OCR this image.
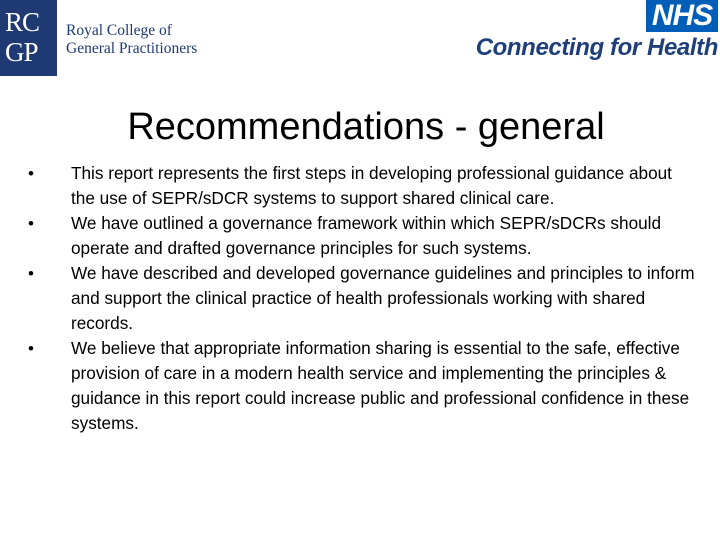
RC
GP
Royal College of
General Practitioners
NHS
Connecting for Health
Recommendations - general
• This report represents the first steps in developing professional guidance about the use of SEPR/sDCR systems to support shared clinical care.
• We have outlined a governance framework within which SEPR/sDCRs should operate and drafted governance principles for such systems.
• We have described and developed governance guidelines and principles to inform and support the clinical practice of health professionals working with shared records.
• We believe that appropriate information sharing is essential to the safe, effective provision of care in a modern health service and implementing the principles & guidance in this report could increase public and professional confidence in these systems.
